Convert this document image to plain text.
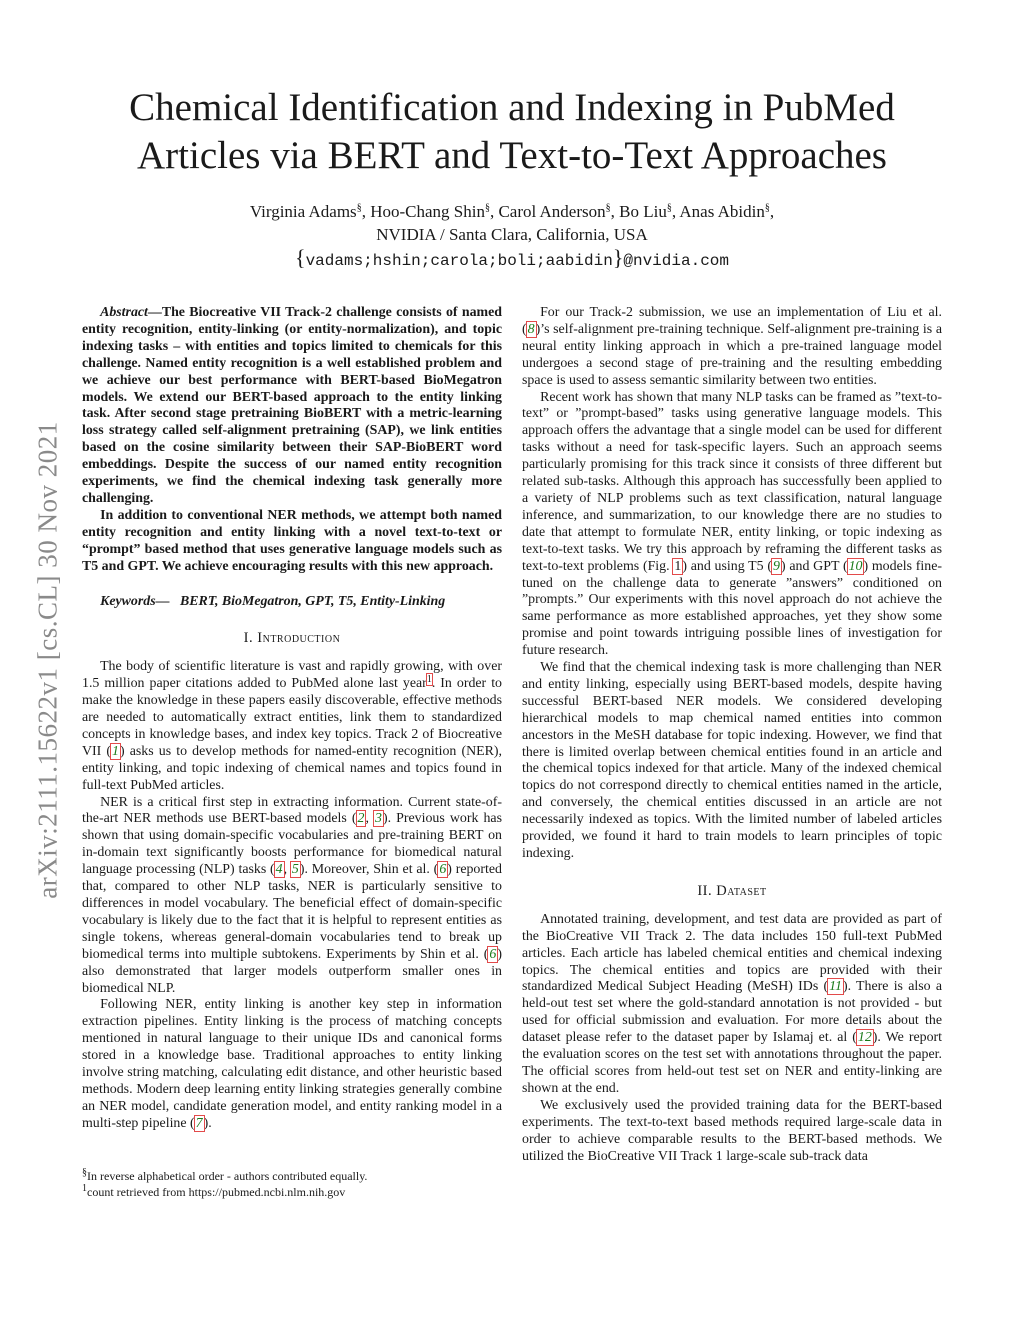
arXiv:2111.15622v1 [cs.CL] 30 Nov 2021
Chemical Identification and Indexing in PubMed
Articles via BERT and Text-to-Text Approaches
Virginia Adams§, Hoo-Chang Shin§, Carol Anderson§, Bo Liu§, Anas Abidin§,
NVIDIA / Santa Clara, California, USA
{vadams;hshin;carola;boli;aabidin}@nvidia.com

Abstract—The Biocreative VII Track-2 challenge consists of named entity recognition, entity-linking (or entity-normalization), and topic indexing tasks – with entities and topics limited to chemicals for this challenge. Named entity recognition is a well established problem and we achieve our best performance with BERT-based BioMegatron models. We extend our BERT-based approach to the entity linking task. After second stage pretraining BioBERT with a metric-learning loss strategy called self-alignment pretraining (SAP), we link entities based on the cosine similarity between their SAP-BioBERT word embeddings. Despite the success of our named entity recognition experiments, we find the chemical indexing task generally more challenging.

In addition to conventional NER methods, we attempt both named entity recognition and entity linking with a novel text-to-text or “prompt” based method that uses generative language models such as T5 and GPT. We achieve encouraging results with this new approach.

Keywords— BERT, BioMegatron, GPT, T5, Entity-Linking

I. Introduction

The body of scientific literature is vast and rapidly growing, with over 1.5 million paper citations added to PubMed alone last year$^1$. In order to make the knowledge in these papers easily discoverable, effective methods are needed to automatically extract entities, link them to standardized concepts in knowledge bases, and index key topics. Track 2 of Biocreative VII (1) asks us to develop methods for named-entity recognition (NER), entity linking, and topic indexing of chemical names and topics found in full-text PubMed articles.

NER is a critical first step in extracting information. Current state-of-the-art NER methods use BERT-based models (2, 3). Previous work has shown that using domain-specific vocabularies and pre-training BERT on in-domain text significantly boosts performance for biomedical natural language processing (NLP) tasks (4, 5). Moreover, Shin et al. (6) reported that, compared to other NLP tasks, NER is particularly sensitive to differences in model vocabulary. The beneficial effect of domain-specific vocabulary is likely due to the fact that it is helpful to represent entities as single tokens, whereas general-domain vocabularies tend to break up biomedical terms into multiple subtokens. Experiments by Shin et al. (6) also demonstrated that larger models outperform smaller ones in biomedical NLP.

Following NER, entity linking is another key step in information extraction pipelines. Entity linking is the process of matching concepts mentioned in natural language to their unique IDs and canonical forms stored in a knowledge base. Traditional approaches to entity linking involve string matching, calculating edit distance, and other heuristic based methods. Modern deep learning entity linking strategies generally combine an NER model, candidate generation model, and entity ranking model in a multi-step pipeline (7).

§In reverse alphabetical order - authors contributed equally.
$^1$count retrieved from https://pubmed.ncbi.nlm.nih.gov

For our Track-2 submission, we use an implementation of Liu et al. (8)’s self-alignment pre-training technique. Self-alignment pre-training is a neural entity linking approach in which a pre-trained language model undergoes a second stage of pre-training and the resulting embedding space is used to assess semantic similarity between two entities.

Recent work has shown that many NLP tasks can be framed as ”text-to-text” or ”prompt-based” tasks using generative language models. This approach offers the advantage that a single model can be used for different tasks without a need for task-specific layers. Such an approach seems particularly promising for this track since it consists of three different but related sub-tasks. Although this approach has successfully been applied to a variety of NLP problems such as text classification, natural language inference, and summarization, to our knowledge there are no studies to date that attempt to formulate NER, entity linking, or topic indexing as text-to-text tasks. We try this approach by reframing the different tasks as text-to-text problems (Fig. 1) and using T5 (9) and GPT (10) models fine-tuned on the challenge data to generate ”answers” conditioned on ”prompts.” Our experiments with this novel approach do not achieve the same performance as more established approaches, yet they show some promise and point towards intriguing possible lines of investigation for future research.

We find that the chemical indexing task is more challenging than NER and entity linking, especially using BERT-based models, despite having successful BERT-based NER models. We considered developing hierarchical models to map chemical named entities into common ancestors in the MeSH database for topic indexing. However, we find that there is limited overlap between chemical entities found in an article and the chemical topics indexed for that article. Many of the indexed chemical topics do not correspond directly to chemical entities named in the article, and conversely, the chemical entities discussed in an article are not necessarily indexed as topics. With the limited number of labeled articles provided, we found it hard to train models to learn principles of topic indexing.

II. Dataset

Annotated training, development, and test data are provided as part of the BioCreative VII Track 2. The data includes 150 full-text PubMed articles. Each article has labeled chemical entities and chemical indexing topics. The chemical entities and topics are provided with their standardized Medical Subject Heading (MeSH) IDs (11). There is also a held-out test set where the gold-standard annotation is not provided - but used for official submission and evaluation. For more details about the dataset please refer to the dataset paper by Islamaj et. al (12). We report the evaluation scores on the test set with annotations throughout the paper. The official scores from held-out test set on NER and entity-linking are shown at the end.

We exclusively used the provided training data for the BERT-based experiments. The text-to-text based methods required large-scale data in order to achieve comparable results to the BERT-based methods. We utilized the BioCreative VII Track 1 large-scale sub-track data
